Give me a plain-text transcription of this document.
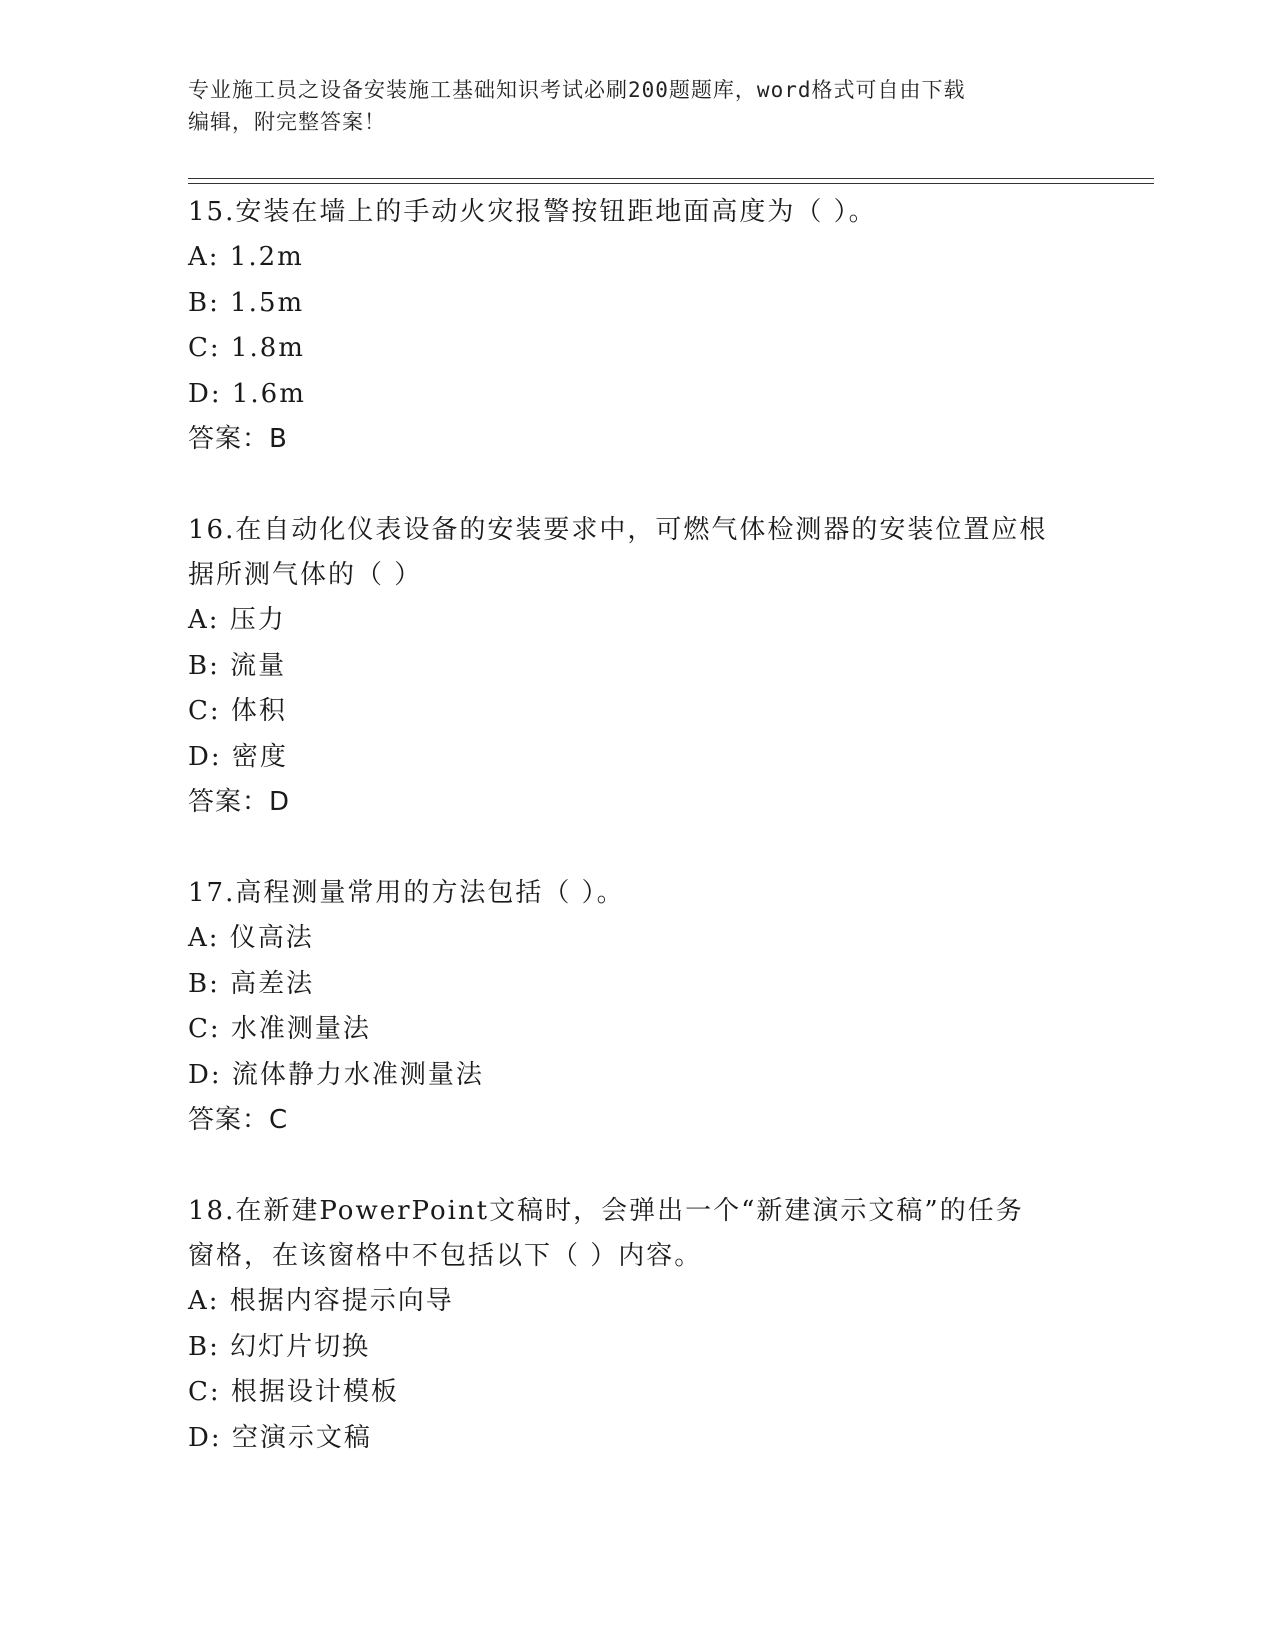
专业施工员之设备安装施工基础知识考试必刷200题题库，word格式可自由下载
编辑，附完整答案！

15.安装在墙上的手动火灾报警按钮距地面高度为（ ）。

A: 1.2m

B: 1.5m

C: 1.8m

D: 1.6m

答案：B

16.在自动化仪表设备的安装要求中，可燃气体检测器的安装位置应根

据所测气体的（ ）

A: 压力

B: 流量

C: 体积

D: 密度

答案：D

17.高程测量常用的方法包括（ ）。

A: 仪高法

B: 高差法

C: 水准测量法

D: 流体静力水准测量法

答案：C

18.在新建PowerPoint文稿时，会弹出一个“新建演示文稿”的任务

窗格，在该窗格中不包括以下（ ）内容。

A: 根据内容提示向导

B: 幻灯片切换

C: 根据设计模板

D: 空演示文稿
